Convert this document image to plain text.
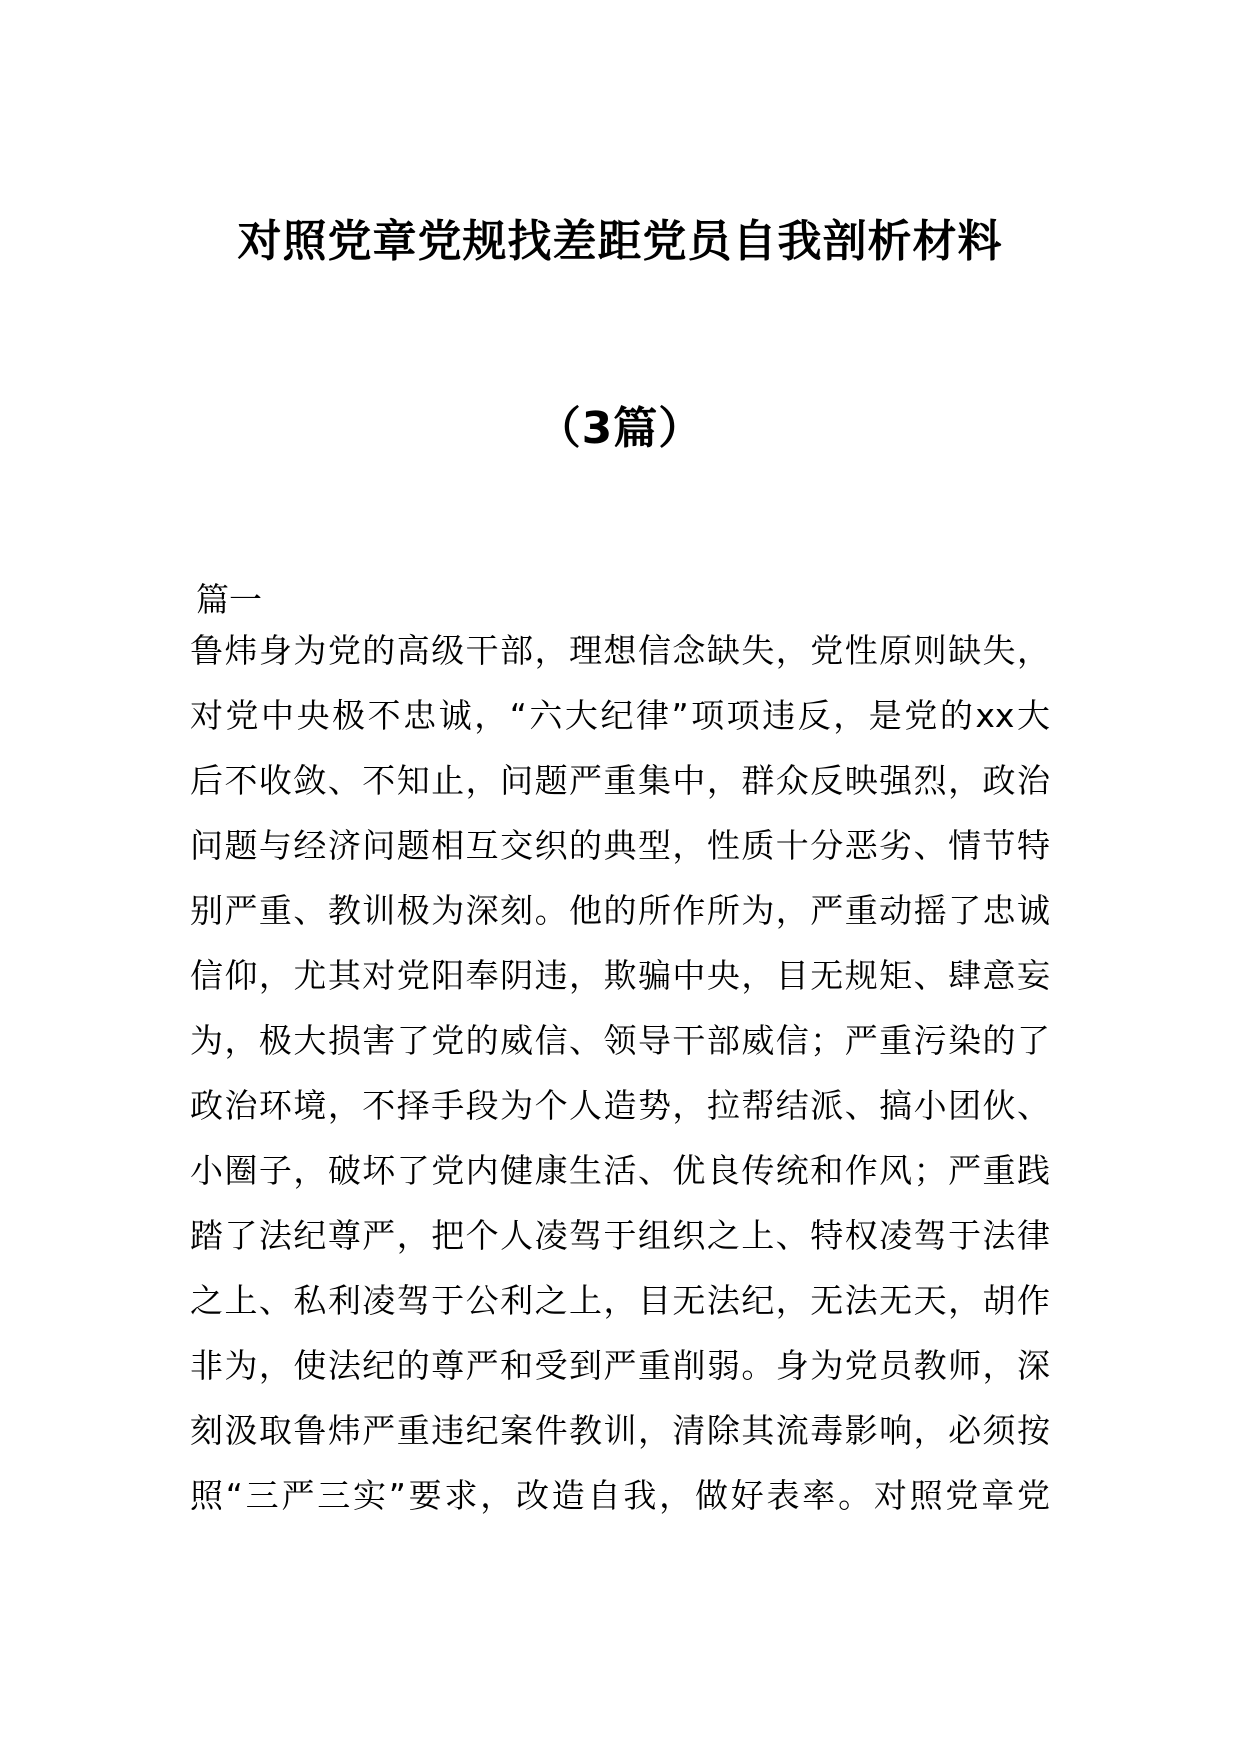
对照党章党规找差距党员自我剖析材料
（3篇）
篇一
鲁炜身为党的高级干部，理想信念缺失，党性原则缺失，
对党中央极不忠诚，“六大纪律”项项违反，是党的xx大
后不收敛、不知止，问题严重集中，群众反映强烈，政治
问题与经济问题相互交织的典型，性质十分恶劣、情节特
别严重、教训极为深刻。他的所作所为，严重动摇了忠诚
信仰，尤其对党阳奉阴违，欺骗中央，目无规矩、肆意妄
为，极大损害了党的威信、领导干部威信；严重污染的了
政治环境，不择手段为个人造势，拉帮结派、搞小团伙、
小圈子，破坏了党内健康生活、优良传统和作风；严重践
踏了法纪尊严，把个人凌驾于组织之上、特权凌驾于法律
之上、私利凌驾于公利之上，目无法纪，无法无天，胡作
非为，使法纪的尊严和受到严重削弱。身为党员教师，深
刻汲取鲁炜严重违纪案件教训，清除其流毒影响，必须按
照“三严三实”要求，改造自我，做好表率。对照党章党
